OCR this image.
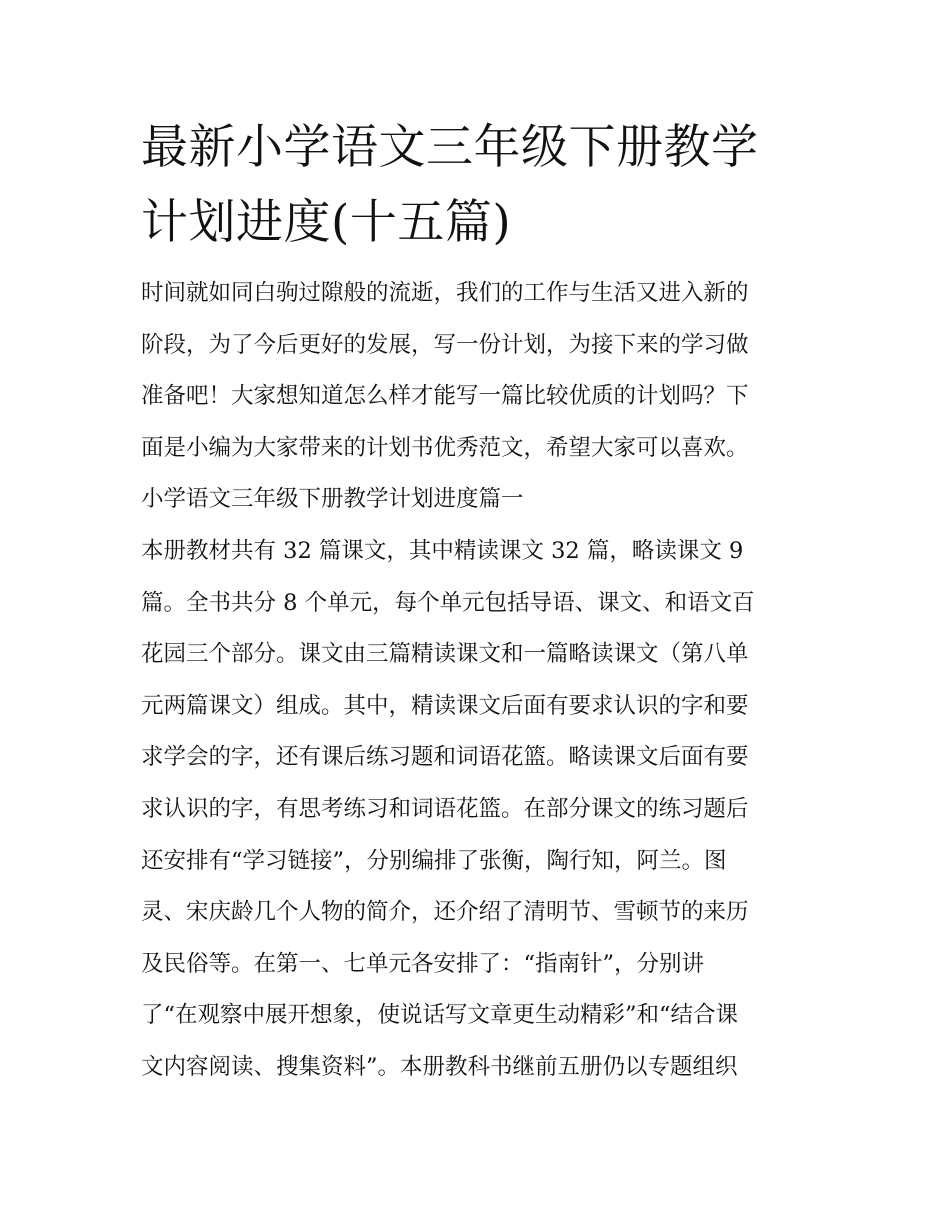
最新小学语文三年级下册教学
计划进度(十五篇)
时间就如同白驹过隙般的流逝，我们的工作与生活又进入新的
阶段，为了今后更好的发展，写一份计划，为接下来的学习做
准备吧！大家想知道怎么样才能写一篇比较优质的计划吗？下
面是小编为大家带来的计划书优秀范文，希望大家可以喜欢。
小学语文三年级下册教学计划进度篇一
本册教材共有 32 篇课文，其中精读课文 32 篇，略读课文 9
篇。全书共分 8 个单元，每个单元包括导语、课文、和语文百
花园三个部分。课文由三篇精读课文和一篇略读课文（第八单
元两篇课文）组成。其中，精读课文后面有要求认识的字和要
求学会的字，还有课后练习题和词语花篮。略读课文后面有要
求认识的字，有思考练习和词语花篮。在部分课文的练习题后
还安排有“学习链接”，分别编排了张衡，陶行知，阿兰。图
灵、宋庆龄几个人物的简介，还介绍了清明节、雪顿节的来历
及民俗等。在第一、七单元各安排了：“指南针”，分别讲
了“在观察中展开想象，使说话写文章更生动精彩”和“结合课
文内容阅读、搜集资料”。本册教科书继前五册仍以专题组织
